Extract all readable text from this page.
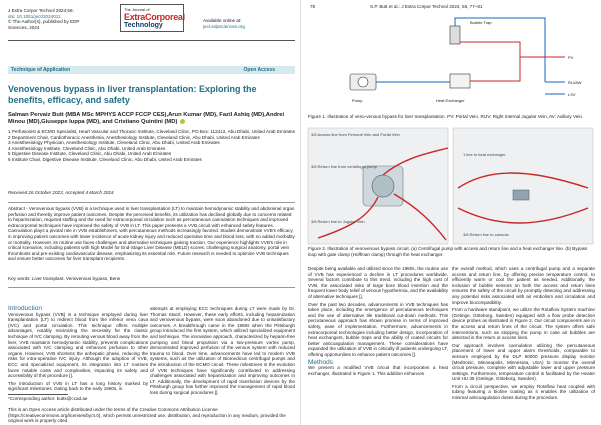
J Extra Corpor Technol 2024;56:
doi: 10.1051/ject/2024011
© The Author(s), published by EDP Sciences, 2024
The Journal of
ExtraCorporeal
Technology
Available online at:
ject.edpsciences.org
Technique of Application	Open Access
Venovenous bypass in liver transplantation: Exploring the benefits, efficacy, and safety
Salman Pervaiz Butt (MBA MSc MPHYS ACCP FCCP CES),Arun Kumar (MD), Fazil Ashiq (MD),Andrei Minou (MD),Giuseppe Iuppa (MD), and Cristiano Quintini (MD)
1 Perfusionist & ECMO Specialist, Heart Vascular and Thoracic Institute, Cleveland Clinic, PO Box: 112412, Abu Dhabi, United Arab Emirates
2 Department Chair, Cardiothoracic Anesthesia, Anesthesiology Institute, Cleveland Clinic, Abu Dhabi, United Arab Emirates
3 Anesthesiology Physician, Anesthesiology Institute, Cleveland Clinic, Abu Dhabi, United Arab Emirates
4 Anesthesiology Institute, Cleveland Clinic, Abu Dhabi, United Arab Emirates
5 Digestive Disease Institute, Cleveland Clinic, Abu Dhabi, United Arab Emirates
6 Institute Chair, Digestive Disease Institute, Cleveland Clinic, Abu Dhabi, United Arab Emirates
Received 26 October 2023, Accepted 4 March 2024
Abstract - Venovenous bypass (VVB) is a technique used in liver transplantation (LT) to maintain hemodynamic stability and abdominal organ perfusion and thereby improve patient outcomes. Despite the perceived benefits, its utilization has declined globally due to concerns related to heparinization, required staffing and the need for extracorporeal circulation such as percutaneous cannulation techniques and improved extracorporeal techniques have improved the safety of VVB in LT. This paper presents a VVB circuit with enhanced safety features. Cannulation plays a pivotal role in VVB establishment, with percutaneous methods increasingly favored. Studies demonstrate VVB's efficacy in improving patient outcomes with lower incidence of acute kidney injury and reduced operative time and blood loss, with no added morbidity or mortality. However, its routine use faces challenges and alternative techniques gaining traction. Our experience highlights VVB's role in critical scenarios, including patients with high Model for End-Stage Liver Disease (MELD) scores, challenging surgical anatomy, portal vein thrombosis and pre-existing cardiovascular disease, emphasizing its essential role. Future research is needed to optimize VVB techniques and ensure better outcomes for liver transplant recipients.
Key words: Liver transplant, Venovenous bypass, Bene
Introduction

Venovenous bypass (VVB) is a technique employed during liver transplantation (LT) to redirect blood from the inferior vena cava (IVC) and portal circulation. This technique offers multiple advantages, notably minimizing the necessity for the classic technique of IVC clamping. By rerouting venous blood away from the liver, VVB maintains hemodynamic stability, prevents complications associated with IVC clamping and enhances perfusion to other organs. However, VVB shortens the anhepatic phase, reducing the risks for intra-operative IVC injury. Although the adoption of VVB, ECC and specialized equipment, its integration into LT routines faces notable costs and complexities, impacting its safety and accessibility of this procedure [].

The introduction of VVB in LT has a long history marked by significant milestones. Dating back to the early 1960s, in

attempts at employing ECC techniques during LT were made by Dr. Thomas Starzl. However, these early efforts, including heparinization and venovenous bypass, were soon abandoned due to unsatisfactory outcomes. A breakthrough came in the 1980s when the Pittsburgh group introduced the first system, which utilized specialized equipment and technique. The innovative approach, characterized by heparin-free pumping and blood propulsion via a low-pressure vortex pump, demonstrated improved perfusion of the venous system with reduced trauma to blood. Over time, advancements have led to modern VVB systems, such as the utilization of Biomedicus centrifugal pumps and the introduction of the ECMO circuit. These milestones in the evolution of VVB techniques have significantly contributed to addressing challenges associated with heparinization and improving outcomes in LT. Additionally, the development of rapid transfusion devices by the Pittsburgh group has further improved the management of rapid blood loss during surgical procedures [].

*Corresponding author: butts@ccad.ae
This is an Open Access article distributed under the terms of the Creative Commons Attribution License (https://creativecommons.org/licenses/by/4.0), which permits unrestricted use, distribution, and reproduction in any medium, provided the original work is properly cited.
78	S.P. Butt et al.: J Extra Corpor Technol 2024, 56, 77–81
Bubble Trap
Pump	Heat Exchanger
PV
RLVAW
LSV
Figure 1. Illustration of veno-venous bypass for liver transplantation. PV: Portal Vein, RIJV: Right Internal Jugular Vein, AV: Axillary Vein.
3/8 Access line from Femoral Vein and Portal Vein
3/8 Return line from centrifugal pump
1 line to heat exchanger
3/8 Return line to Jugular Vein
3/8 Return line to cannula
Figure 2. Illustration of venovenous bypass circuit. (a) Centrifugal pump with access and return line and a heat exchanger line. (b) Bypass loop with gate clamp (Hoffman clamp) through the heat exchanger.

Despite being available and utilized since the 1980s, the routine use of VVB has experienced a decline in LT procedures worldwide. Several factors contribute to this trend, including the high cost of VVB, the associated risks of large bore blood insertion and the frequent lower body relief of venous hypothermia, and the availability of alternative techniques [].

Over the past two decades, advancements in VVB techniques has taken place, including the emergence of percutaneous techniques and the use of alternative tile traditional cut-down methods. This percutaneous approach has shown promise in terms of improved safety, ease of implementation. Furthermore, advancements in extracorporeal technologies including better design, incorporation of heat exchangers, bubble traps and the ability of coated circuits for better anticoagulation management. These considerations have expanded the utilization of VVB in critically ill patients undergoing LT, offering opportunities to enhance patient outcomes [].

Methods

We present a modified VVB circuit that incorporates a heat exchanger, illustrated in Figure 1. This addition enhances

the overall method, which uses a centrifugal pump and a separate access and return line, by offering precise temperature control, to efficiently warm or cool the patient as needed. Additionally, the inclusion of bubble sensors on both the access and return lines ensures the safety of the circuit by promptly detecting and addressing any potential risks associated with air embolism and circulation and improve biocompatibility.

From a hardware standpoint, we utilize the Rotaflow System machine (Getinge, Göteborg, Sweden) equipped with a flow probe detection device probes as illustrated in Figure 2. Our circuit components are in the access and return lines of the circuit. The system offers safe interventions, such as stopping the pump in case air bubbles are detected in the return or access lines.

Our approach involves cannulation utilizing the percutaneous placement of lower and upper alarm thresholds, comparable to sensors employed by the DLP 60000 pressure display monitor (Medtronic, Minneapolis, Minnesota, USA) to monitor the overall circuit pressure, complete with adjustable lower and upper pressure settings. Furthermore, temperature control is facilitated by the Heater Unit HU 35 (Getinge, Göteborg, Sweden).

From a circuit perspective, we employ Rotaflow heat coupled with tubing featuring a bioline coating as it enables the utilization of minimal anticoagulation doses during the procedure.
